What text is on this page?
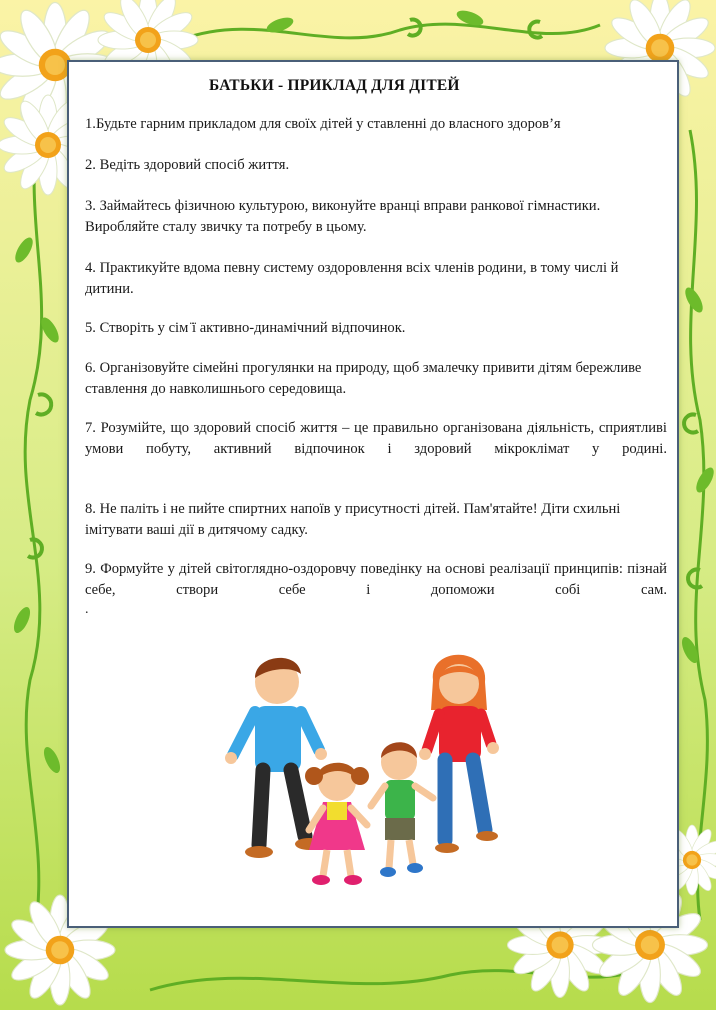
БАТЬКИ - ПРИКЛАД ДЛЯ ДІТЕЙ
1.Будьте гарним прикладом для своїх дітей у ставленні до власного здоров’я
2. Ведіть здоровий спосіб життя.
3. Займайтесь фізичною культурою, виконуйте вранці вправи ранкової гімнастики. Виробляйте сталу звичку та потребу в цьому.
4. Практикуйте вдома певну систему оздоровлення всіх членів родини, в тому числі й дитини.
5. Створіть у сім ̈ї активно-динамічний відпочинок.
6. Організовуйте сімейні прогулянки на природу, щоб змалечку привити дітям бережливе ставлення до навколишнього середовища.
7. Розумійте, що здоровий спосіб життя – це правильно організована діяльність, сприятливі умови побуту, активний відпочинок і здоровий мікроклімат у родині.
8. Не паліть і не пийте спиртних напоїв у присутності дітей. Пам'ятайте! Діти схильні імітувати ваші дії в дитячому садку.
9. Формуйте у дітей світоглядно-оздоровчу поведінку на основі реалізації принципів: пізнай себе, створи себе і допоможи собі сам.
.
